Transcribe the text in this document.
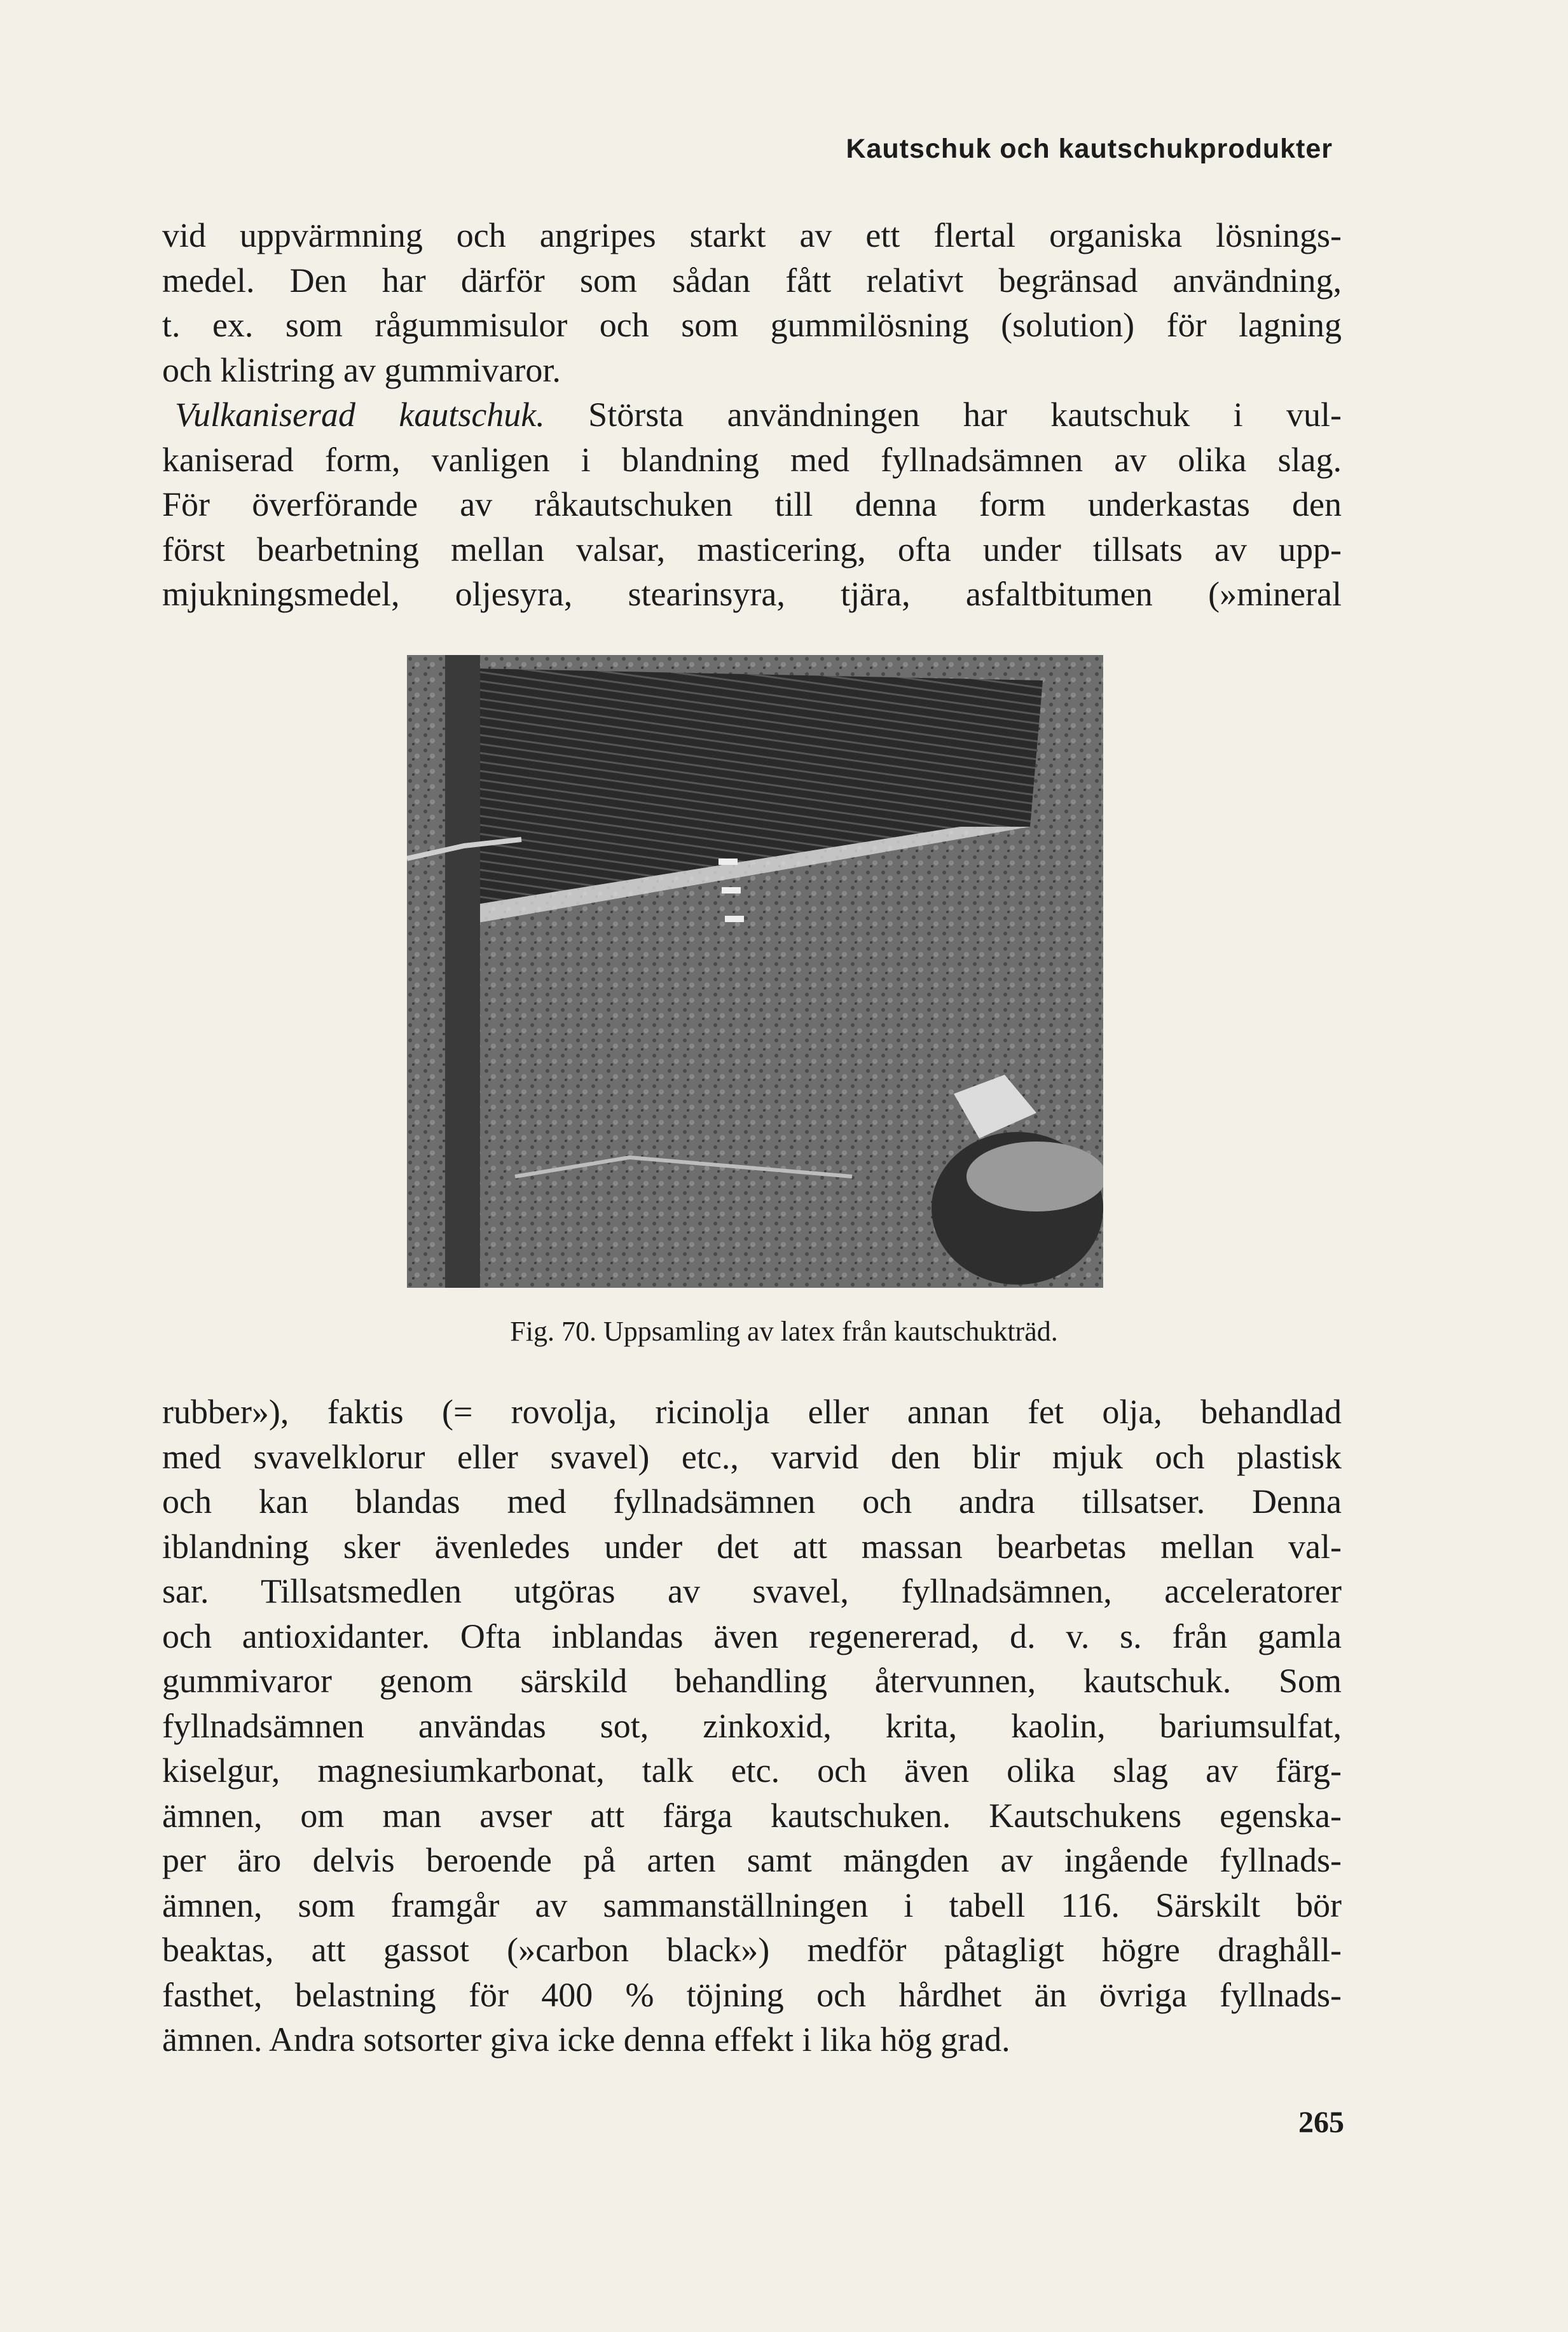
Kautschuk och kautschukprodukter
vid uppvärmning och angripes starkt av ett flertal organiska lösnings-
medel. Den har därför som sådan fått relativt begränsad användning,
t. ex. som rågummisulor och som gummilösning (solution) för lagning
och klistring av gummivaror.
Vulkaniserad kautschuk. Största användningen har kautschuk i vul-
kaniserad form, vanligen i blandning med fyllnadsämnen av olika slag.
För överförande av råkautschuken till denna form underkastas den
först bearbetning mellan valsar, masticering, ofta under tillsats av upp-
mjukningsmedel, oljesyra, stearinsyra, tjära, asfaltbitumen (»mineral
Fig. 70. Uppsamling av latex från kautschukträd.
rubber»), faktis (= rovolja, ricinolja eller annan fet olja, behandlad
med svavelklorur eller svavel) etc., varvid den blir mjuk och plastisk
och kan blandas med fyllnadsämnen och andra tillsatser. Denna
iblandning sker ävenledes under det att massan bearbetas mellan val-
sar. Tillsatsmedlen utgöras av svavel, fyllnadsämnen, acceleratorer
och antioxidanter. Ofta inblandas även regenererad, d. v. s. från gamla
gummivaror genom särskild behandling återvunnen, kautschuk. Som
fyllnadsämnen användas sot, zinkoxid, krita, kaolin, bariumsulfat,
kiselgur, magnesiumkarbonat, talk etc. och även olika slag av färg-
ämnen, om man avser att färga kautschuken. Kautschukens egenska-
per äro delvis beroende på arten samt mängden av ingående fyllnads-
ämnen, som framgår av sammanställningen i tabell 116. Särskilt bör
beaktas, att gassot (»carbon black») medför påtagligt högre draghåll-
fasthet, belastning för 400 % töjning och hårdhet än övriga fyllnads-
ämnen. Andra sotsorter giva icke denna effekt i lika hög grad.
265
